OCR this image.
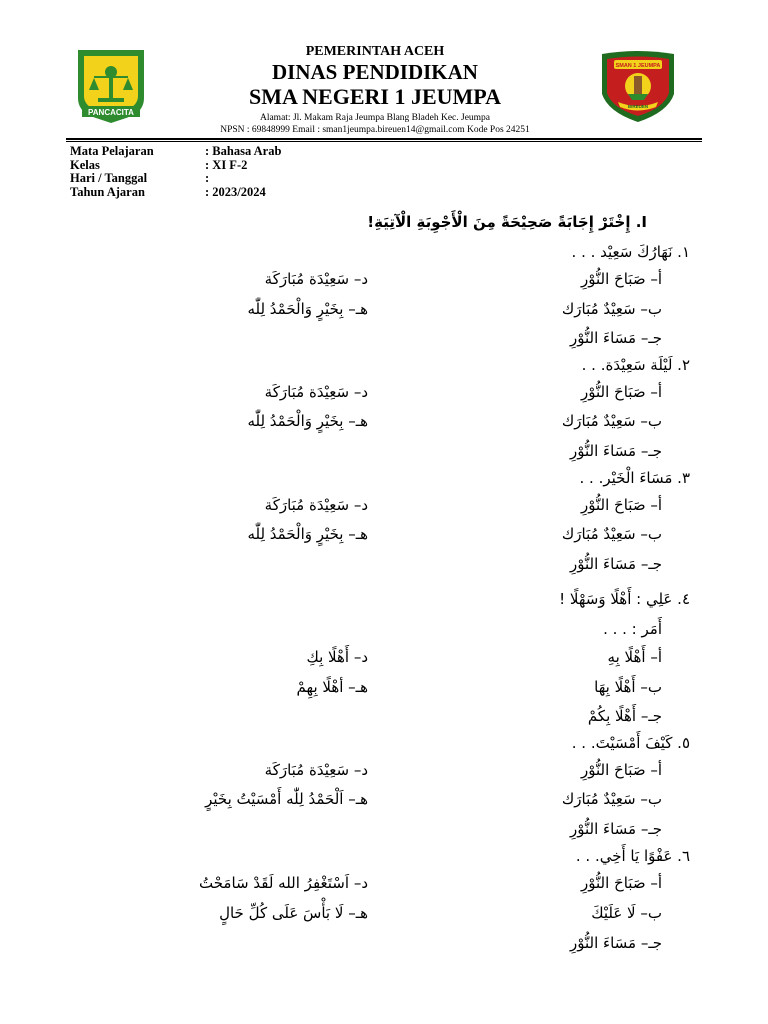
PANCACITA
PEMERINTAH ACEH
DINAS PENDIDIKAN
SMA NEGERI 1 JEUMPA
Alamat: Jl. Makam Raja Jeumpa Blang Bladeh Kec. Jeumpa
NPSN : 69848999 Email : sman1jeumpa.bireuen14@gmail.com Kode Pos 24251
SMAN 1 JEUMPA
BIREUEN
Mata Pelajaran	: Bahasa Arab
Kelas	: XI F-2
Hari / Tanggal	:
Tahun Ajaran	: 2023/2024
I. إِخْتَرْ إِجَابَةً صَحِيْحَةً مِنَ الْأَجْوِبَةِ الْآتِيَةِ!
١. نَهَارُكَ سَعِيْد . . .
أ– صَبَاحَ النُّوْرِ
د– سَعِيْدَة مُبَارَكَة
ب– سَعِيْدٌ مُبَارَك
هـ– بِخَيْرٍ وَالْحَمْدُ لِلّٰه
جـ– مَسَاءَ النُّوْرِ
٢. لَيْلَة سَعِيْدَة. . .
أ– صَبَاحَ النُّوْرِ
د– سَعِيْدَة مُبَارَكَة
ب– سَعِيْدٌ مُبَارَك
هـ– بِخَيْرٍ وَالْحَمْدُ لِلّٰه
جـ– مَسَاءَ النُّوْرِ
٣. مَسَاءَ الْخَيْر. . .
أ– صَبَاحَ النُّوْرِ
د– سَعِيْدَة مُبَارَكَة
ب– سَعِيْدٌ مُبَارَك
هـ– بِخَيْرٍ وَالْحَمْدُ لِلّٰه
جـ– مَسَاءَ النُّوْرِ
٤. عَلِي : أَهْلًا وَسَهْلًا !
أَمَر : . . .
أ– أَهْلًا بِهِ
د– أَهْلًا بِكِ
ب– أَهْلًا بِهَا
هـ– أهْلًا بِهِمْ
جـ– أَهْلًا بِكُمْ
٥. كَيْفَ أَمْسَيْتَ. . .
أ– صَبَاحَ النُّوْرِ
د– سَعِيْدَة مُبَارَكَة
ب– سَعِيْدٌ مُبَارَك
هـ– اَلْحَمْدُ لِلّٰه أَمْسَيْتُ بِخَيْرٍ
جـ– مَسَاءَ النُّوْرِ
٦. عَفْوًا يَا أَخِي. . .
أ– صَبَاحَ النُّوْرِ
د– اَسْتَغْفِرُ الله لَقَدْ سَامَحْتُ
ب– لَا عَلَيْكَ
هـ– لَا بَأْسَ عَلَى كُلِّ حَالٍ
جـ– مَسَاءَ النُّوْرِ
